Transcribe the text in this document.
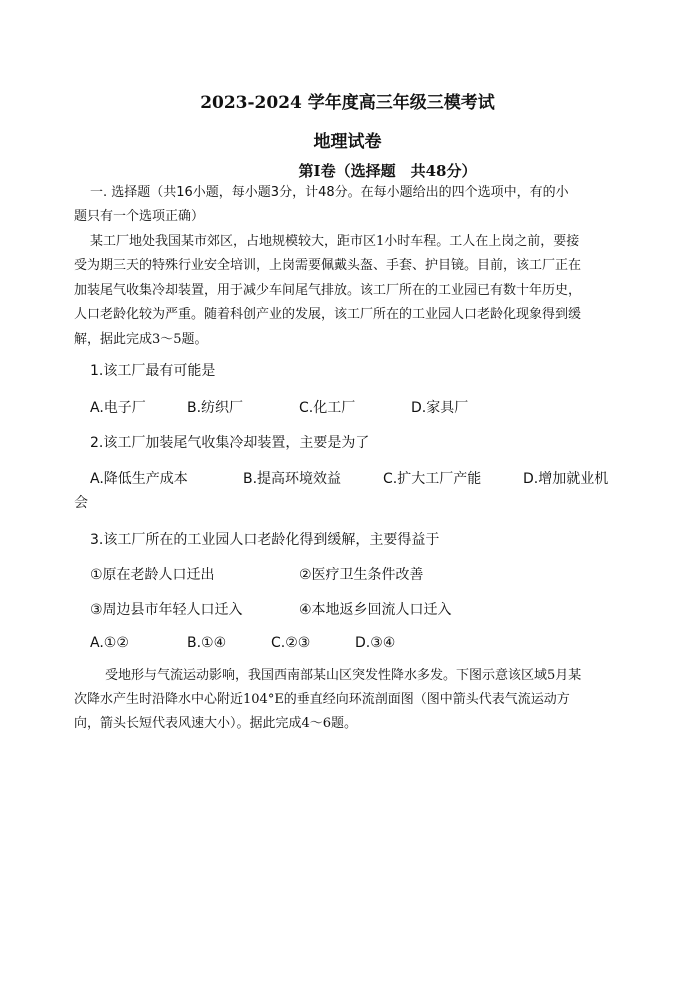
2023-2024 学年度高三年级三模考试
地理试卷
第Ⅰ卷（选择题　共48分）
一. 选择题（共16小题，每小题3分，计48分。在每小题给出的四个选项中，有的小
题只有一个选项正确）
某工厂地处我国某市郊区，占地规模较大，距市区1小时车程。工人在上岗之前，要接
受为期三天的特殊行业安全培训，上岗需要佩戴头盔、手套、护目镜。目前，该工厂正在
加装尾气收集冷却装置，用于减少车间尾气排放。该工厂所在的工业园已有数十年历史，
人口老龄化较为严重。随着科创产业的发展，该工厂所在的工业园人口老龄化现象得到缓
解，据此完成3～5题。
1.该工厂最有可能是
A.电子厂	B.纺织厂	C.化工厂	D.家具厂
2.该工厂加装尾气收集冷却装置，主要是为了
A.降低生产成本	B.提高环境效益	C.扩大工厂产能	D.增加就业机
会
3.该工厂所在的工业园人口老龄化得到缓解，主要得益于
①原在老龄人口迁出	②医疗卫生条件改善
③周边县市年轻人口迁入	④本地返乡回流人口迁入
A.①②	B.①④	C.②③	D.③④
受地形与气流运动影响，我国西南部某山区突发性降水多发。下图示意该区域5月某
次降水产生时沿降水中心附近104°E的垂直经向环流剖面图（图中箭头代表气流运动方
向，箭头长短代表风速大小）。据此完成4～6题。
